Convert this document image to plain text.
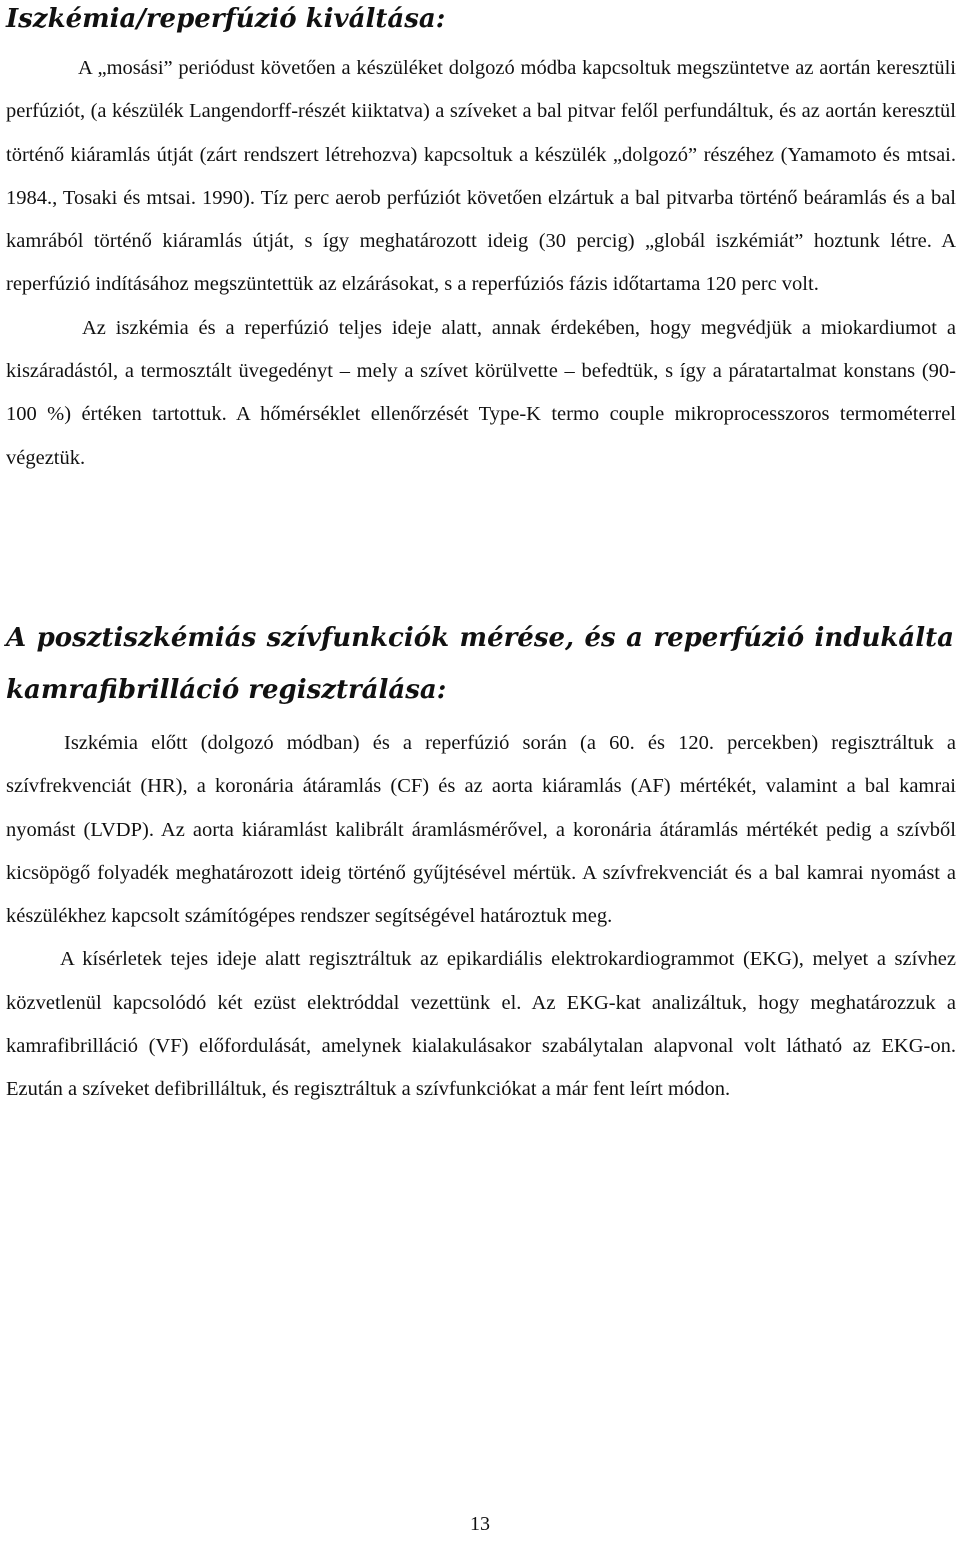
Iszkémia/reperfúzió kiváltása:

A „mosási” periódust követően a készüléket dolgozó módba kapcsoltuk megszüntetve az aortán keresztüli perfúziót, (a készülék Langendorff-részét kiiktatva) a szíveket a bal pitvar felől perfundáltuk, és az aortán keresztül történő kiáramlás útját (zárt rendszert létrehozva) kapcsoltuk a készülék „dolgozó” részéhez (Yamamoto és mtsai. 1984., Tosaki és mtsai. 1990). Tíz perc aerob perfúziót követően elzártuk a bal pitvarba történő beáramlás és a bal kamrából történő kiáramlás útját, s így meghatározott ideig (30 percig) „globál iszkémiát” hoztunk létre. A reperfúzió indításához megszüntettük az elzárásokat, s a reperfúziós fázis időtartama 120 perc volt.

Az iszkémia és a reperfúzió teljes ideje alatt, annak érdekében, hogy megvédjük a miokardiumot a kiszáradástól, a termosztált üvegedényt – mely a szívet körülvette – befedtük, s így a páratartalmat konstans (90-100 %) értéken tartottuk. A hőmérséklet ellenőrzését Type-K termo couple mikroprocesszoros termométerrel végeztük.

A posztiszkémiás szívfunkciók mérése, és a reperfúzió indukálta kamrafibrilláció regisztrálása:

Iszkémia előtt (dolgozó módban) és a reperfúzió során (a 60. és 120. percekben) regisztráltuk a szívfrekvenciát (HR), a koronária átáramlás (CF) és az aorta kiáramlás (AF) mértékét, valamint a bal kamrai nyomást (LVDP). Az aorta kiáramlást kalibrált áramlásmérővel, a koronária átáramlás mértékét pedig a szívből kicsöpögő folyadék meghatározott ideig történő gyűjtésével mértük. A szívfrekvenciát és a bal kamrai nyomást a készülékhez kapcsolt számítógépes rendszer segítségével határoztuk meg.

A kísérletek tejes ideje alatt regisztráltuk az epikardiális elektrokardiogrammot (EKG), melyet a szívhez közvetlenül kapcsolódó két ezüst elektróddal vezettünk el. Az EKG-kat analizáltuk, hogy meghatározzuk a kamrafibrilláció (VF) előfordulását, amelynek kialakulásakor szabálytalan alapvonal volt látható az EKG-on. Ezután a szíveket defibrilláltuk, és regisztráltuk a szívfunkciókat a már fent leírt módon.

13
